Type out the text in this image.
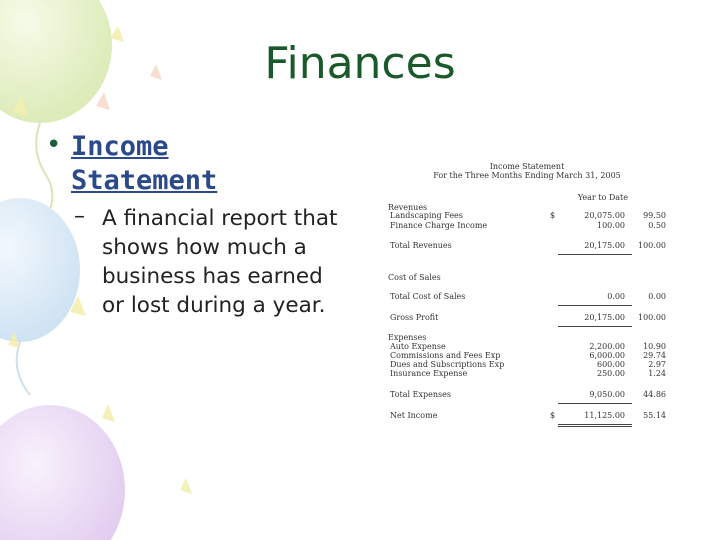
Finances
• Income Statement
– A financial report that shows how much a business has earned or lost during a year.
Income Statement
For the Three Months Ending March 31, 2005
Year to Date
Revenues
Landscaping Fees	$	20,075.00 99.50
Finance Charge Income	100.00	0.50
Total Revenues	20,175.00 100.00
Cost of Sales
Total Cost of Sales	0.00	0.00
Gross Profit	20,175.00 100.00
Expenses
Auto Expense	2,200.00 10.90
Commissions and Fees Exp	6,000.00 29.74
Dues and Subscriptions Exp	600.00	2.97
Insurance Expense	250.00	1.24
Total Expenses	9,050.00 44.86
Net Income	$	11,125.00 55.14
